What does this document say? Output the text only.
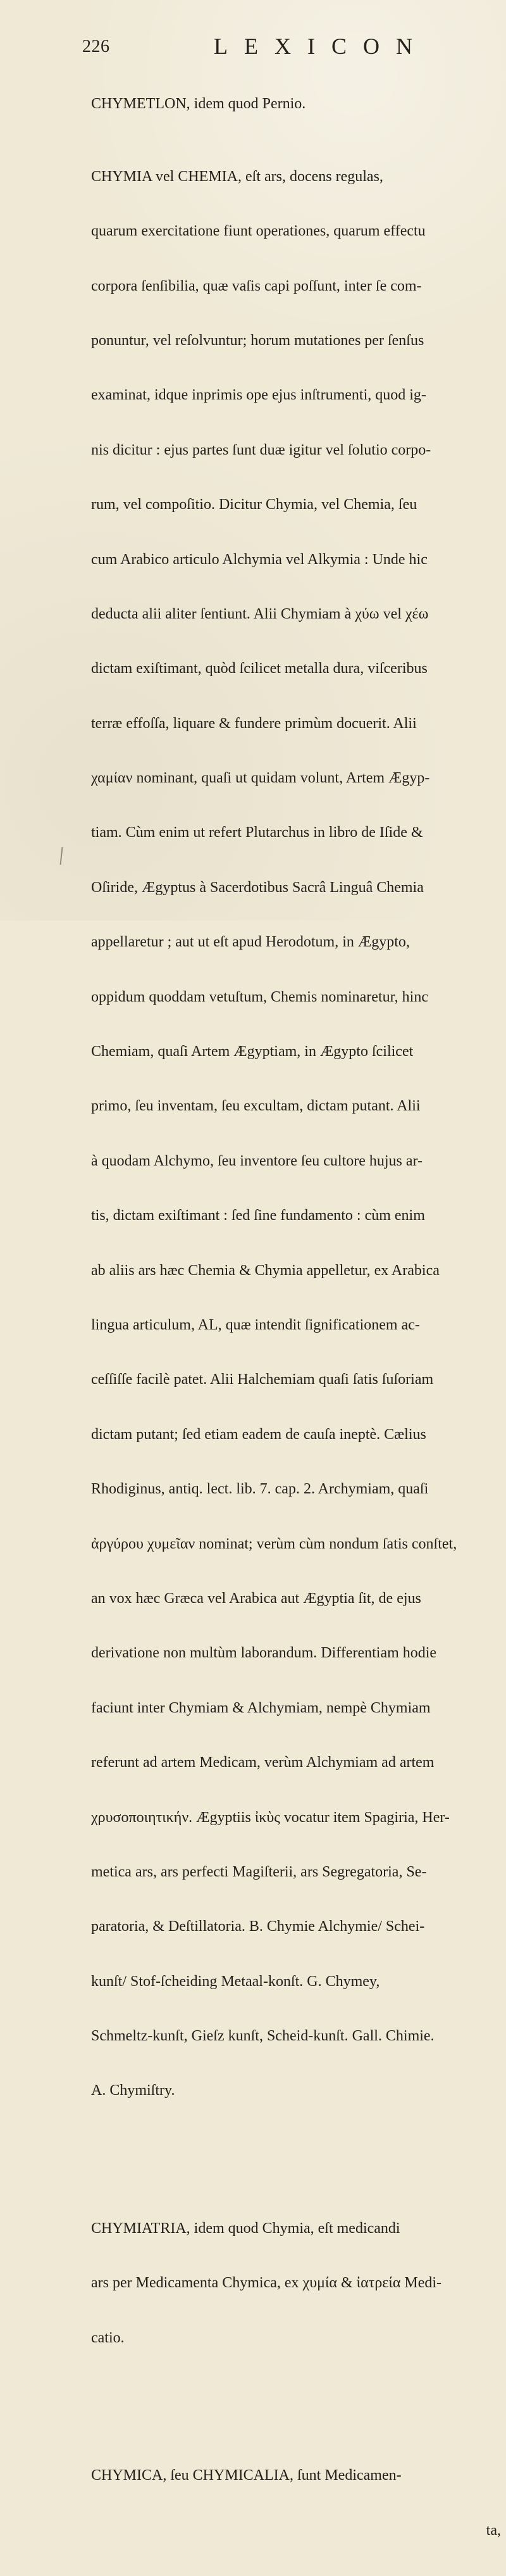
226	LEXICON

CHYMETLON, idem quod Pernio.

CHYMIA vel CHEMIA, eſt ars, docens regulas,

quarum exercitatione fiunt operationes, quarum effectu

corpora ſenſibilia, quæ vaſis capi poſſunt, inter ſe com-

ponuntur, vel reſolvuntur; horum mutationes per ſenſus

examinat, idque inprimis ope ejus inſtrumenti, quod ig-

nis dicitur : ejus partes ſunt duæ igitur vel ſolutio corpo-

rum, vel compoſitio. Dicitur Chymia, vel Chemia, ſeu

cum Arabico articulo Alchymia vel Alkymia : Unde hic

deducta alii aliter ſentiunt. Alii Chymiam à χύω vel χέω

dictam exiſtimant, quòd ſcilicet metalla dura, viſceribus

terræ effoſſa, liquare & fundere primùm docuerit. Alii

χαμίαν nominant, quaſi ut quidam volunt, Artem Ægyp-

tiam. Cùm enim ut refert Plutarchus in libro de Iſide &

Oſiride, Ægyptus à Sacerdotibus Sacrâ Linguâ Chemia

appellaretur ; aut ut eſt apud Herodotum, in Ægypto,

oppidum quoddam vetuſtum, Chemis nominaretur, hinc

Chemiam, quaſi Artem Ægyptiam, in Ægypto ſcilicet

primo, ſeu inventam, ſeu excultam, dictam putant. Alii

à quodam Alchymo, ſeu inventore ſeu cultore hujus ar-

tis, dictam exiſtimant : ſed ſine fundamento : cùm enim

ab aliis ars hæc Chemia & Chymia appelletur, ex Arabica

lingua articulum, AL, quæ intendit ſignificationem ac-

ceſſiſſe facilè patet. Alii Halchemiam quaſi ſatis ſuſoriam

dictam putant; ſed etiam eadem de cauſa ineptè. Cælius

Rhodiginus, antiq. lect. lib. 7. cap. 2. Archymiam, quaſi

ἀργύρου χυμεῖαν nominat; verùm cùm nondum ſatis conſtet,

an vox hæc Græca vel Arabica aut Ægyptia ſit, de ejus

derivatione non multùm laborandum. Differentiam hodie

faciunt inter Chymiam & Alchymiam, nempè Chymiam

referunt ad artem Medicam, verùm Alchymiam ad artem

χρυσοποιητικήν. Ægyptiis ἰκὺς vocatur item Spagiria, Her-

metica ars, ars perfecti Magiſterii, ars Segregatoria, Se-

paratoria, & Deſtillatoria. B. Chymie Alchymie/ Schei-

kunſt/ Stof-ſcheiding Metaal-konſt. G. Chymey,

Schmeltz-kunſt, Gieſz kunſt, Scheid-kunſt. Gall. Chimie.

A. Chymiſtry.

CHYMIATRIA, idem quod Chymia, eſt medicandi

ars per Medicamenta Chymica, ex χυμία & ἰατρεία Medi-

catio.

CHYMICA, ſeu CHYMICALIA, ſunt Medicamen-

ta,
